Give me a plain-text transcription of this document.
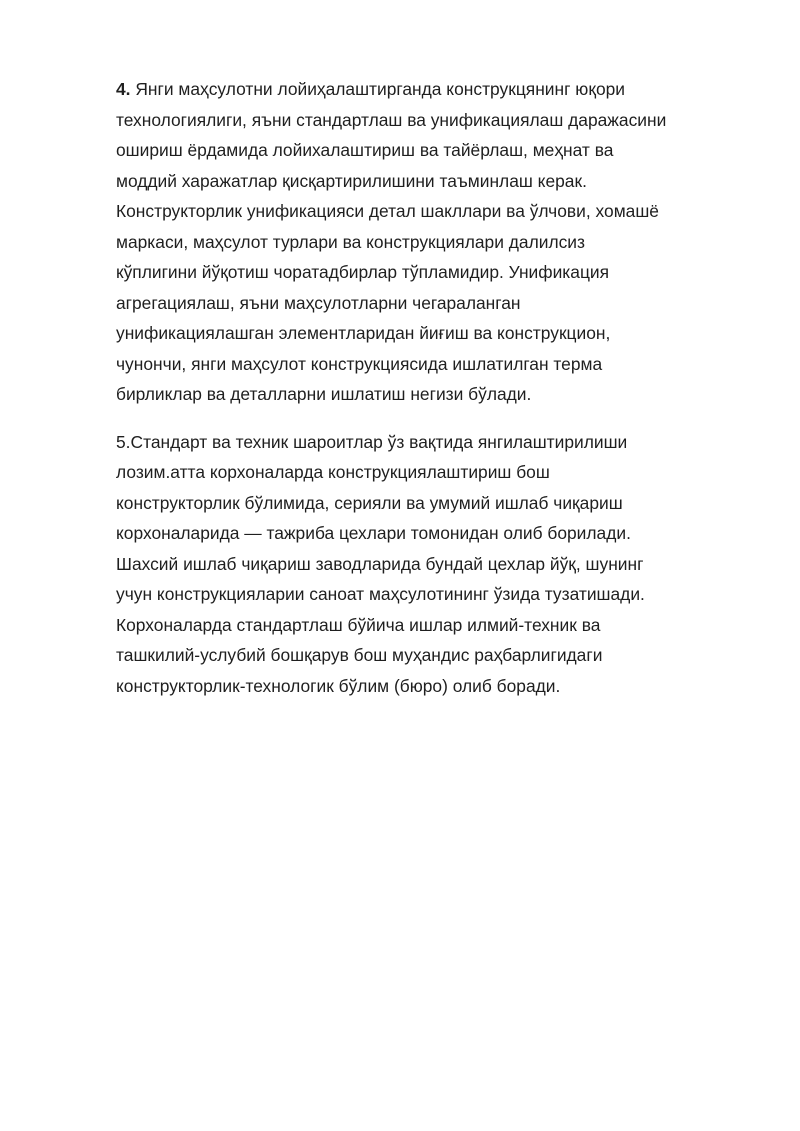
4. Янги маҳсулотни лойиҳалаштирганда конструкцянинг юқори
технологиялиги, яъни стандартлаш ва унификациялаш даражасини
ошириш ёрдамида лойихалаштириш ва тайёрлаш, меҳнат ва
моддий харажатлар қисқартирилишини таъминлаш керак.
Конструкторлик унификацияси детал шакллари ва ўлчови, хомашё
маркаси, маҳсулот турлари ва конструкциялари далилсиз
кўплигини йўқотиш чоратадбирлар тўпламидир. Унификация
агрегациялаш, яъни маҳсулотларни чегараланган
унификациялашган элементларидан йиғиш ва конструкцион,
чунончи, янги маҳсулот конструкциясида ишлатилган терма
бирликлар ва деталларни ишлатиш негизи бўлади.

5.Стандарт ва техник шароитлар ўз вақтида янгилаштирилиши
лозим.атта корхоналарда конструкциялаштириш бош
конструкторлик бўлимида, серияли ва умумий ишлаб чиқариш
корхоналарида — тажриба цехлари томонидан олиб борилади.
Шахсий ишлаб чиқариш заводларида бундай цехлар йўқ, шунинг
учун конструкцияларии саноат маҳсулотининг ўзида тузатишади.
Корхоналарда стандартлаш бўйича ишлар илмий-техник ва
ташкилий-услубий бошқарув бош муҳандис раҳбарлигидаги
конструкторлик-технологик бўлим (бюро) олиб боради.
